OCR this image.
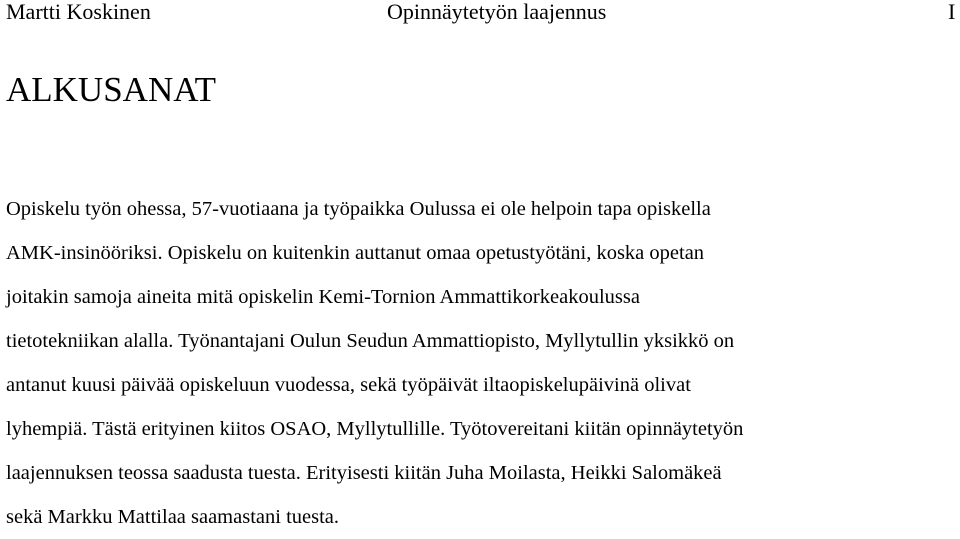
Martti Koskinen	Opinnäytetyön laajennus	I
ALKUSANAT
Opiskelu työn ohessa, 57-vuotiaana ja työpaikka Oulussa ei ole helpoin tapa opiskella
AMK-insinööriksi. Opiskelu on kuitenkin auttanut omaa opetustyötäni, koska opetan
joitakin samoja aineita mitä opiskelin Kemi-Tornion Ammattikorkeakoulussa
tietotekniikan alalla. Työnantajani Oulun Seudun Ammattiopisto, Myllytullin yksikkö on
antanut kuusi päivää opiskeluun vuodessa, sekä työpäivät iltaopiskelupäivinä olivat
lyhempiä. Tästä erityinen kiitos OSAO, Myllytullille. Työtovereitani kiitän opinnäytetyön
laajennuksen teossa saadusta tuesta. Erityisesti kiitän Juha Moilasta, Heikki Salomäkeä
sekä Markku Mattilaa saamastani tuesta.
